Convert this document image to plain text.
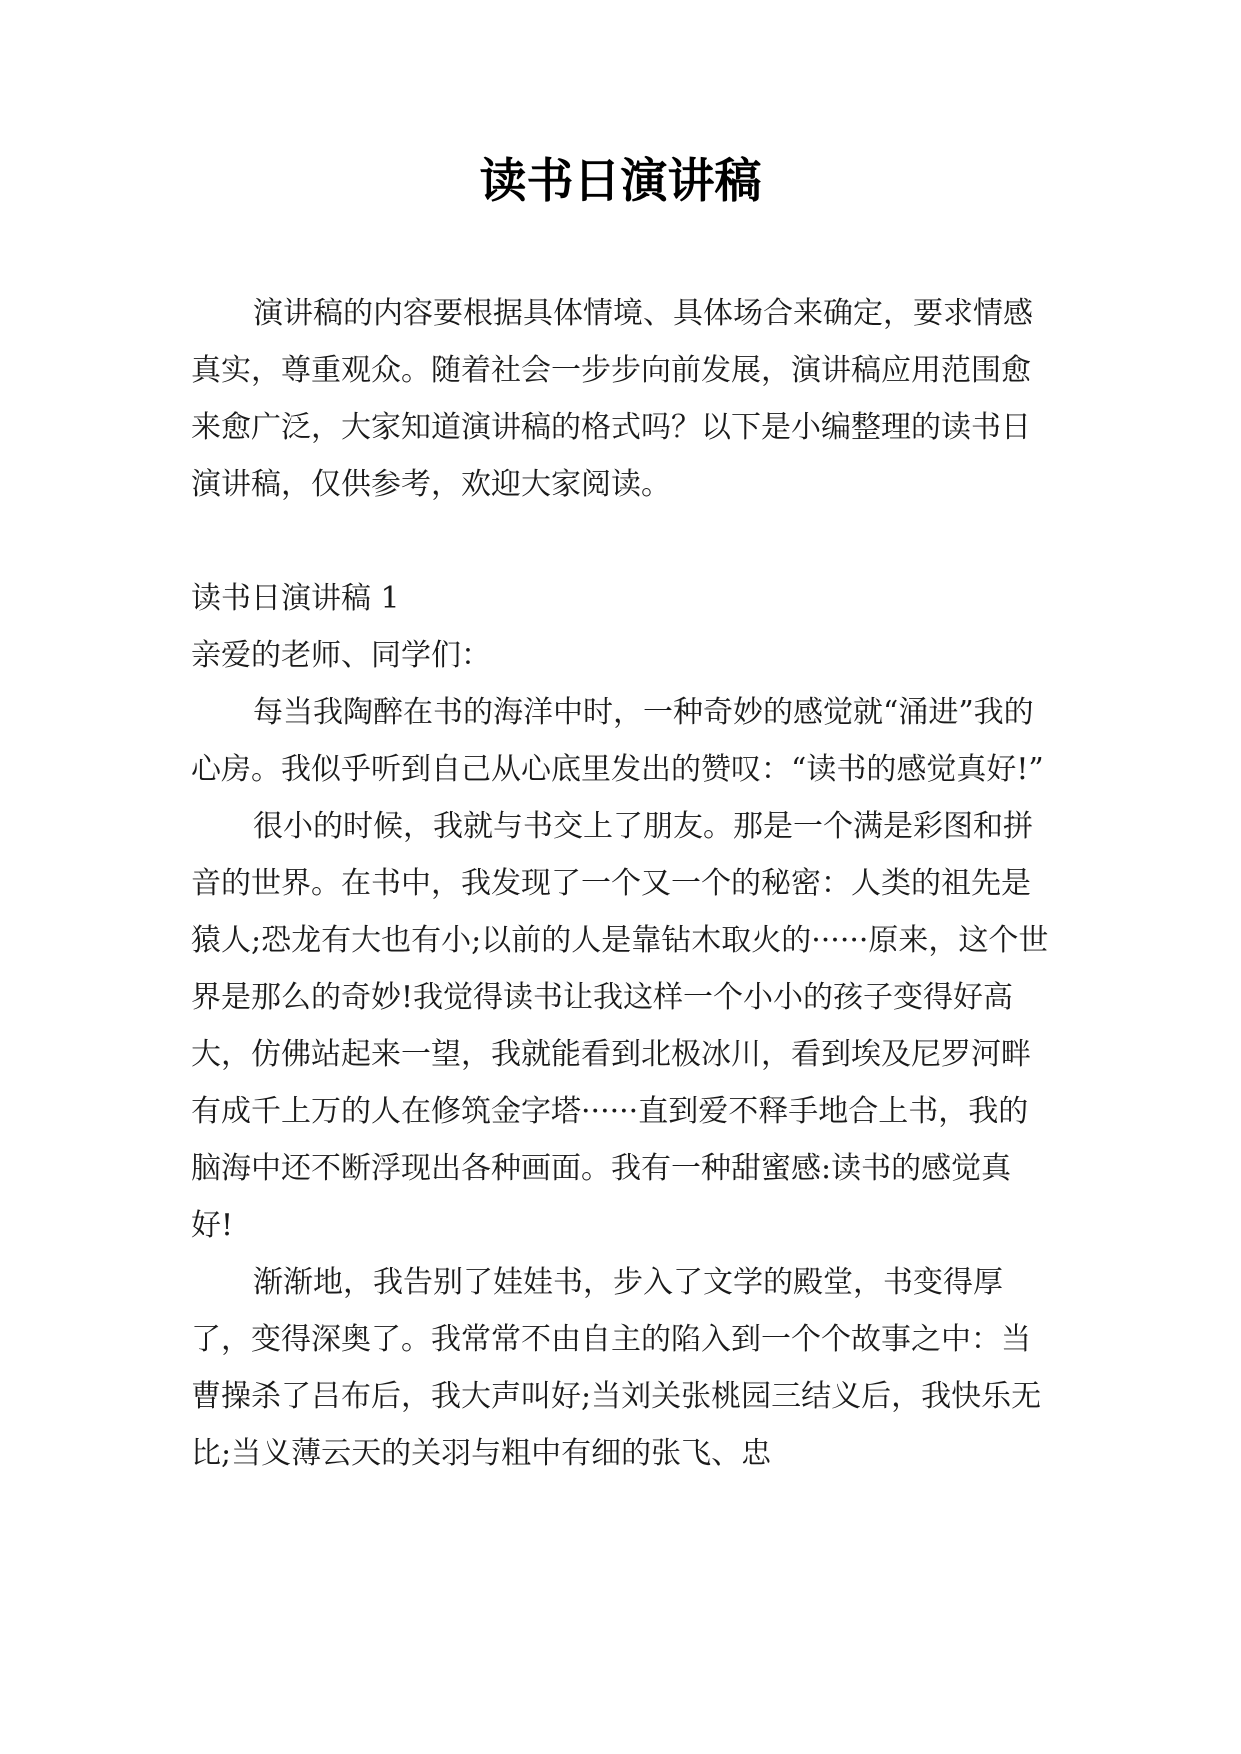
读书日演讲稿

演讲稿的内容要根据具体情境、具体场合来确定，要求情感真实，尊重观众。随着社会一步步向前发展，演讲稿应用范围愈来愈广泛，大家知道演讲稿的格式吗？以下是小编整理的读书日演讲稿，仅供参考，欢迎大家阅读。

读书日演讲稿 1

亲爱的老师、同学们：

每当我陶醉在书的海洋中时，一种奇妙的感觉就“涌进”我的心房。我似乎听到自己从心底里发出的赞叹：“读书的感觉真好!”

很小的时候，我就与书交上了朋友。那是一个满是彩图和拼音的世界。在书中，我发现了一个又一个的秘密：人类的祖先是猿人;恐龙有大也有小;以前的人是靠钻木取火的······原来，这个世界是那么的奇妙!我觉得读书让我这样一个小小的孩子变得好高大，仿佛站起来一望，我就能看到北极冰川，看到埃及尼罗河畔有成千上万的人在修筑金字塔······直到爱不释手地合上书，我的脑海中还不断浮现出各种画面。我有一种甜蜜感:读书的感觉真好!

渐渐地，我告别了娃娃书，步入了文学的殿堂，书变得厚了，变得深奥了。我常常不由自主的陷入到一个个故事之中：当曹操杀了吕布后，我大声叫好;当刘关张桃园三结义后，我快乐无比;当义薄云天的关羽与粗中有细的张飞、忠
